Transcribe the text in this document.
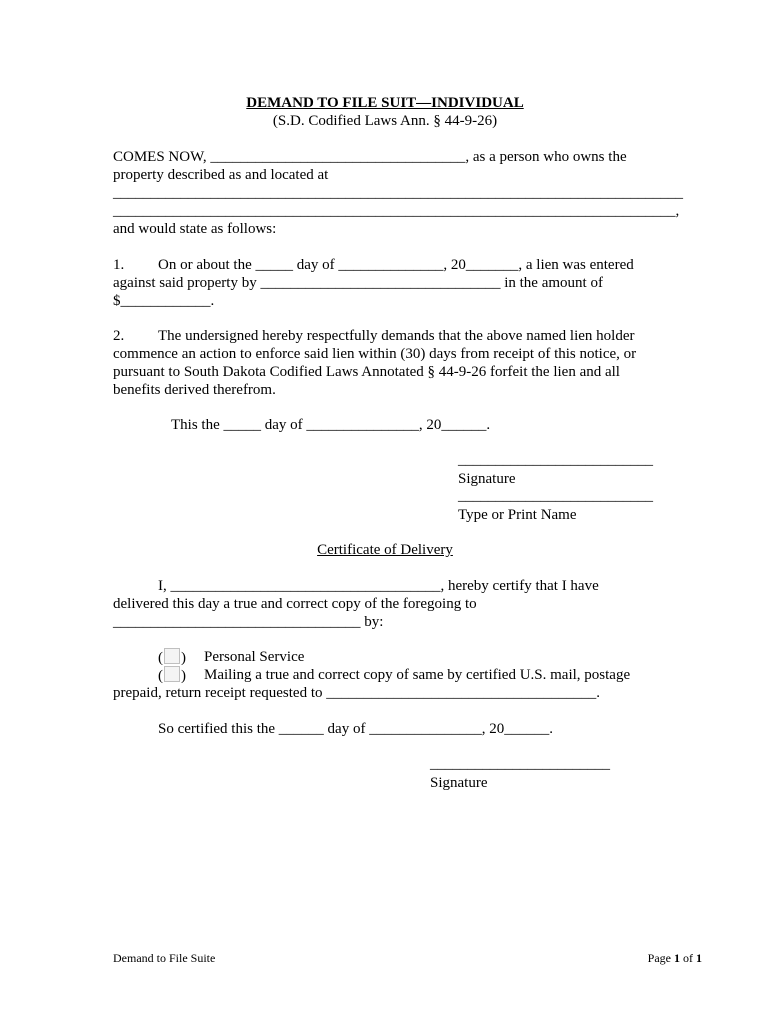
DEMAND TO FILE SUIT—INDIVIDUAL
(S.D. Codified Laws Ann. § 44-9-26)
COMES NOW, __________________________________, as a person who owns the
property described as and located at
____________________________________________________________________________
___________________________________________________________________________,
and would state as follows:
1. On or about the _____ day of ______________, 20_______, a lien was entered
against said property by ________________________________ in the amount of
$____________.
2. The undersigned hereby respectfully demands that the above named lien holder
commence an action to enforce said lien within (30) days from receipt of this notice, or
pursuant to South Dakota Codified Laws Annotated § 44-9-26 forfeit the lien and all
benefits derived therefrom.
This the _____ day of _______________, 20______.
__________________________
Signature
__________________________
Type or Print Name
Certificate of Delivery
I, ____________________________________, hereby certify that I have
delivered this day a true and correct copy of the foregoing to
_________________________________ by:
( ) Personal Service
( ) Mailing a true and correct copy of same by certified U.S. mail, postage
prepaid, return receipt requested to ____________________________________.
So certified this the ______ day of _______________, 20______.
________________________
Signature
Demand to File Suite	Page 1 of 1
